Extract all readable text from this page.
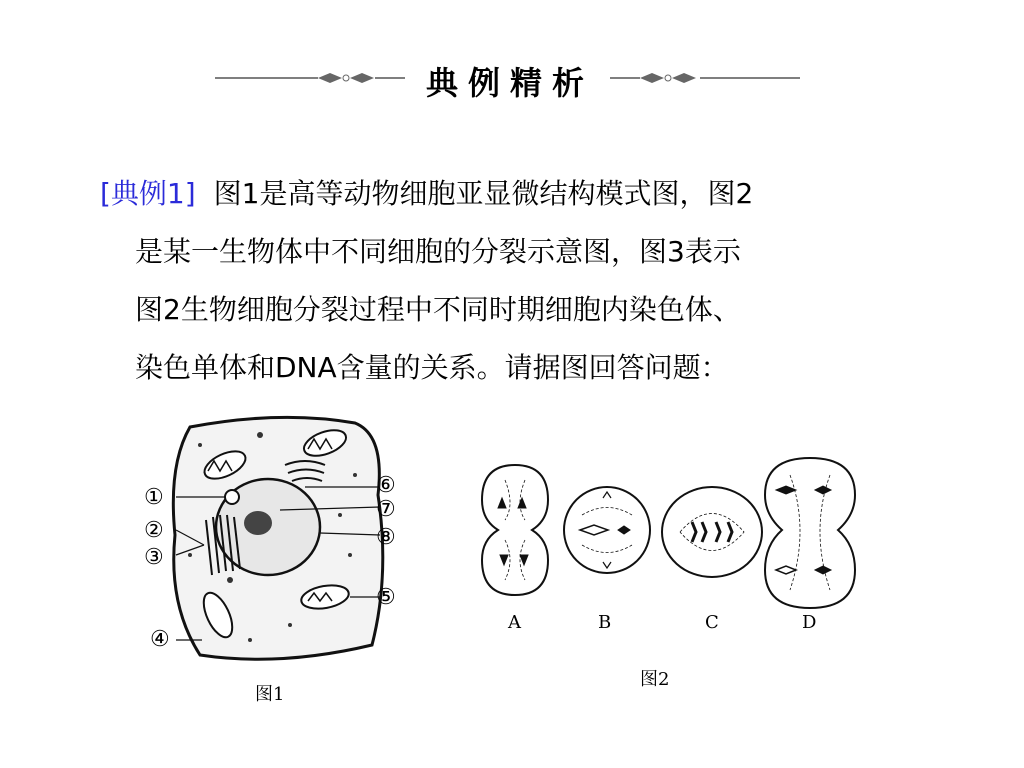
典例精析
[典例1] 图1是高等动物细胞亚显微结构模式图，图2
是某一生物体中不同细胞的分裂示意图，图3表示
图2生物细胞分裂过程中不同时期细胞内染色体、
染色单体和DNA含量的关系。请据图回答问题：
①
②
③
④
⑤
⑥
⑦
⑧
图1
A	B	C	D
图2
